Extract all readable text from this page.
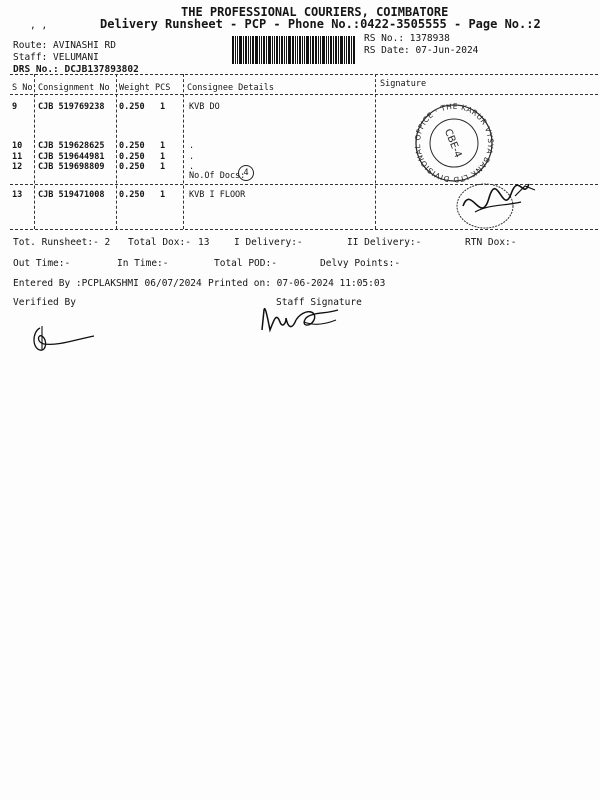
THE PROFESSIONAL COURIERS, COIMBATORE
Delivery Runsheet - PCP - Phone No.:0422-3505555 - Page No.:2
, ,
Route: AVINASHI RD
Staff: VELUMANI
DRS No.: DCJB137893802
RS No.: 1378938
RS Date: 07-Jun-2024
S No Consignment No Weight PCS Consignee Details	Signature
9 CJB 519769238 0.250 1	KVB DO
10 CJB 519628625 0.250 1	.
11 CJB 519644981 0.250 1	.
12 CJB 519698809 0.250 1	.
No.Of Docs:
4
13 CJB 519471008 0.250 1	KVB I FLOOR
DIVISIONAL OFFICE · THE KARUR VYSYA BANK LTD
CBE-4
Tot. Runsheet:- 2 Total Dox:- 13	I Delivery:-	II Delivery:-	RTN Dox:-
Out Time:-	In Time:-	Total POD:-	Delvy Points:-
Entered By :PCPLAKSHMI 06/07/2024 Printed on: 07-06-2024 11:05:03
Verified By	Staff Signature
